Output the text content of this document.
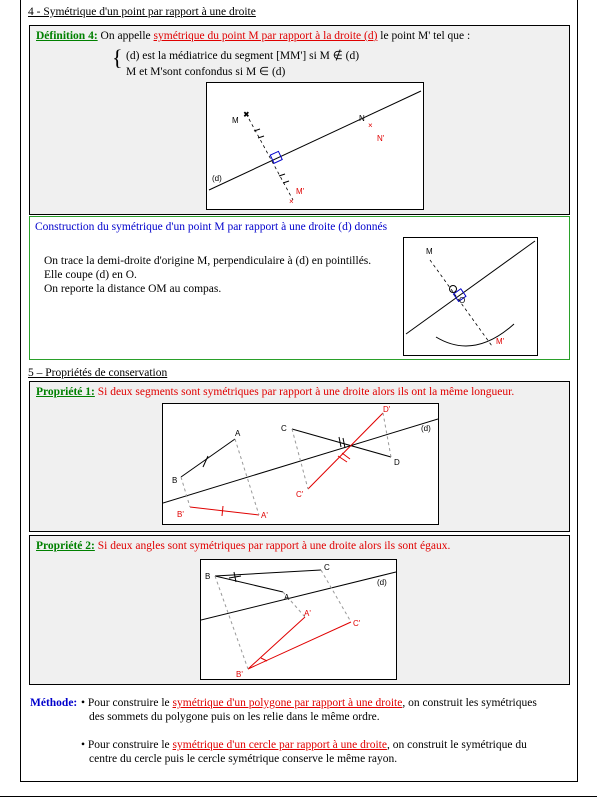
4 - Symétrique d'un point par rapport à une droite
Définition 4: On appelle symétrique du point M par rapport à la droite (d) le point M' tel que :
{ (d) est la médiatrice du segment [MM'] si M ∉ (d)
M et M'sont confondus si M ∈ (d)
×
M
×
M'
×
N
N'
(d)
Construction du symétrique d'un point M par rapport à une droite (d) donnés
On trace la demi-droite d'origine M, perpendiculaire à (d) en pointillés.
Elle coupe (d) en O.
On reporte la distance OM au compas.
M
O
M'
5 – Propriétés de conservation
Propriété 1: Si deux segments sont symétriques par rapport à une droite alors ils ont la même longueur.
A
B
C
D
A'
B'
C'
D'
(d)
Propriété 2: Si deux angles sont symétriques par rapport à une droite alors ils sont égaux.
B
C
A
A'
C'
B'
(d)
Méthode: • Pour construire le symétrique d'un polygone par rapport à une droite, on construit les symétriques
des sommets du polygone puis on les relie dans le même ordre.
• Pour construire le symétrique d'un cercle par rapport à une droite, on construit le symétrique du
centre du cercle puis le cercle symétrique conserve le même rayon.
